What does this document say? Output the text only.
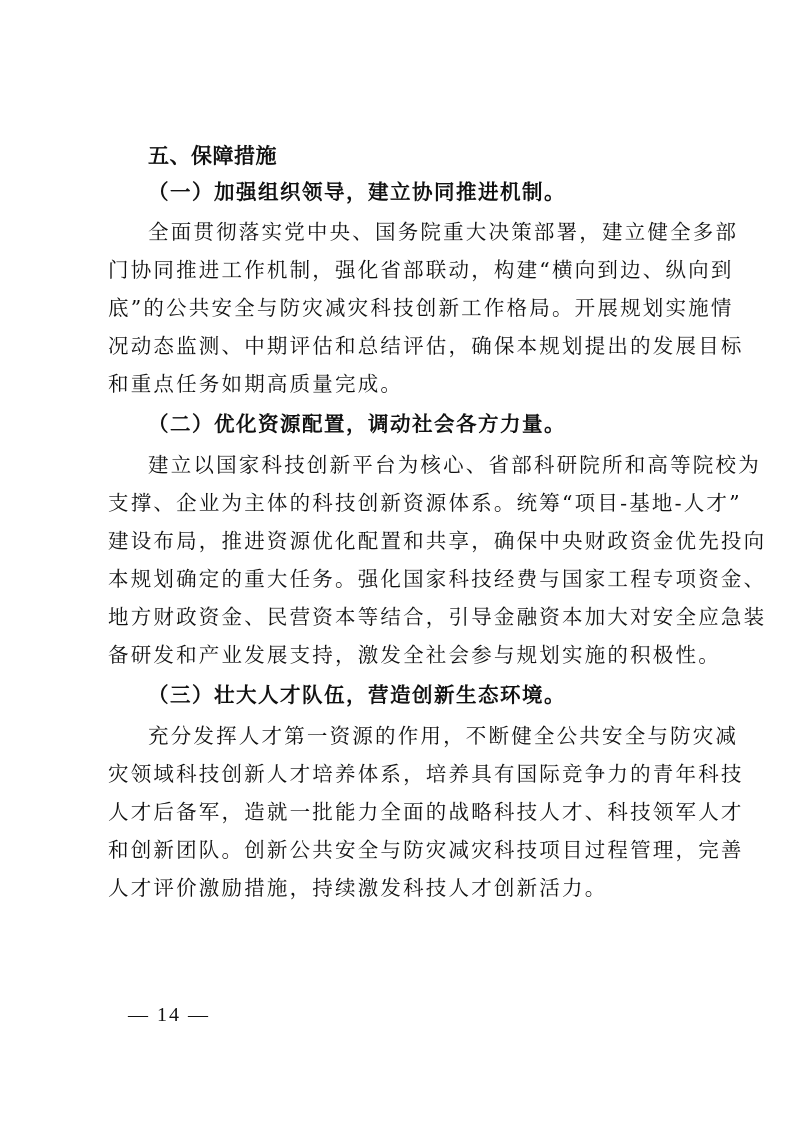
五、保障措施
（一）加强组织领导，建立协同推进机制。
全面贯彻落实党中央、国务院重大决策部署，建立健全多部
门协同推进工作机制，强化省部联动，构建“横向到边、纵向到
底”的公共安全与防灾减灾科技创新工作格局。开展规划实施情
况动态监测、中期评估和总结评估，确保本规划提出的发展目标
和重点任务如期高质量完成。
（二）优化资源配置，调动社会各方力量。
建立以国家科技创新平台为核心、省部科研院所和高等院校为
支撑、企业为主体的科技创新资源体系。统筹“项目-基地-人才”
建设布局，推进资源优化配置和共享，确保中央财政资金优先投向
本规划确定的重大任务。强化国家科技经费与国家工程专项资金、
地方财政资金、民营资本等结合，引导金融资本加大对安全应急装
备研发和产业发展支持，激发全社会参与规划实施的积极性。
（三）壮大人才队伍，营造创新生态环境。
充分发挥人才第一资源的作用，不断健全公共安全与防灾减
灾领域科技创新人才培养体系，培养具有国际竞争力的青年科技
人才后备军，造就一批能力全面的战略科技人才、科技领军人才
和创新团队。创新公共安全与防灾减灾科技项目过程管理，完善
人才评价激励措施，持续激发科技人才创新活力。
— 14 —
